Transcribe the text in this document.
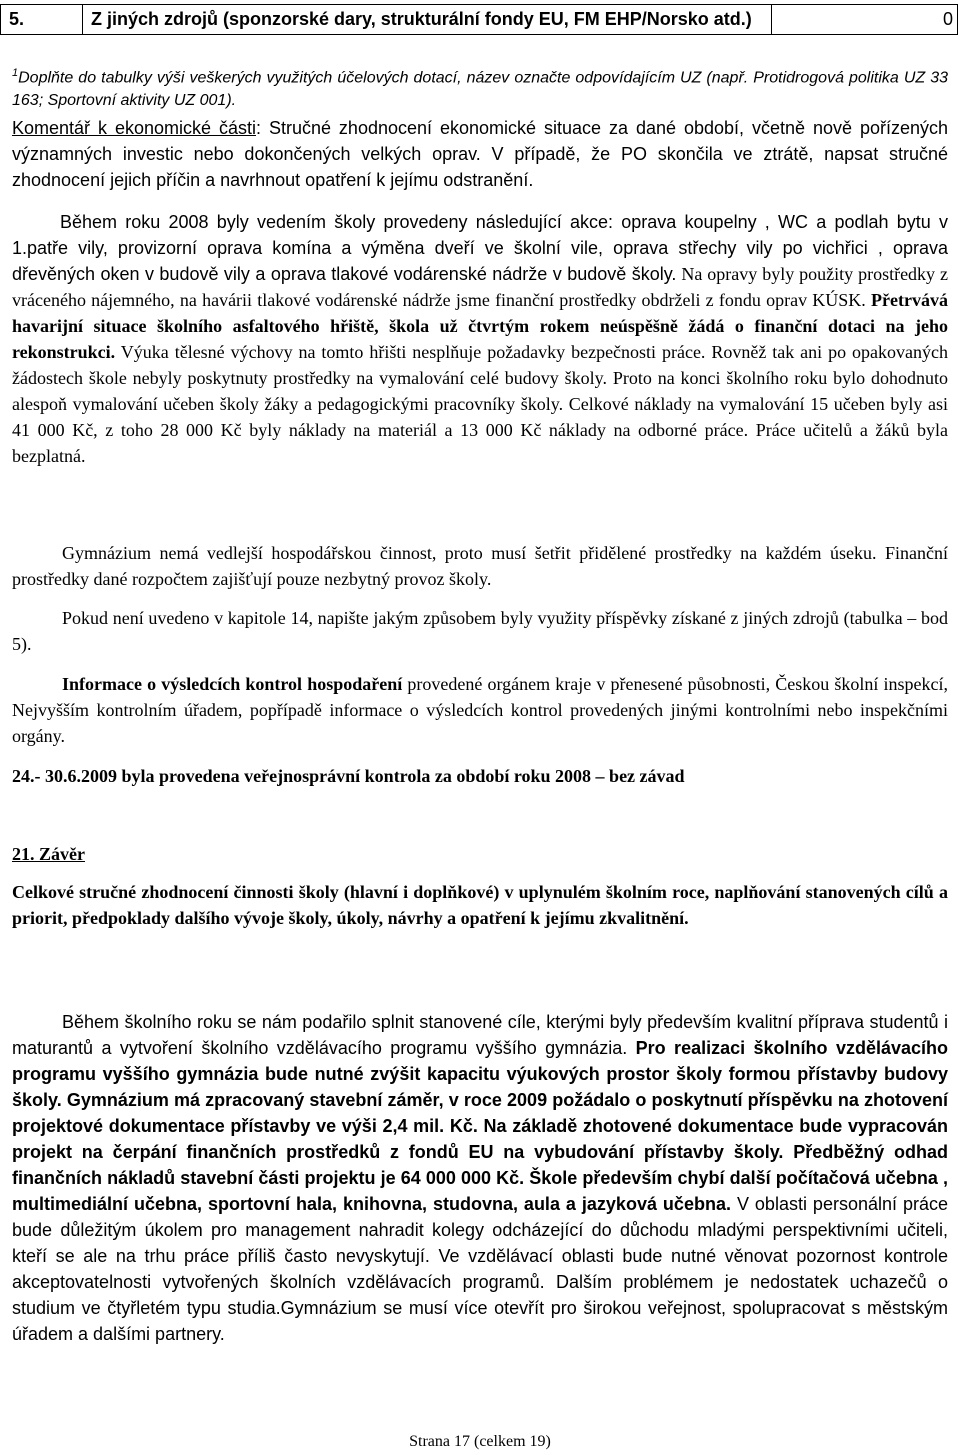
5.	Z jiných zdrojů (sponzorské dary, strukturální fondy EU, FM EHP/Norsko atd.)	0
$^1$Doplňte do tabulky výši veškerých využitých účelových dotací, název označte odpovídajícím UZ (např. Protidrogová politika UZ 33 163; Sportovní aktivity UZ 001).
Komentář k ekonomické části: Stručné zhodnocení ekonomické situace za dané období, včetně nově pořízených významných investic nebo dokončených velkých oprav. V případě, že PO skončila ve ztrátě, napsat stručné zhodnocení jejich příčin a navrhnout opatření k jejímu odstranění.
Během roku 2008 byly vedením školy provedeny následující akce: oprava koupelny , WC a podlah bytu v 1.patře vily, provizorní oprava komína a výměna dveří ve školní vile, oprava střechy vily po vichřici , oprava dřevěných oken v budově vily a oprava tlakové vodárenské nádrže v budově školy. Na opravy byly použity prostředky z vráceného nájemného, na havárii tlakové vodárenské nádrže jsme finanční prostředky obdrželi z fondu oprav KÚSK. Přetrvává havarijní situace školního asfaltového hřiště, škola už čtvrtým rokem neúspěšně žádá o finanční dotaci na jeho rekonstrukci. Výuka tělesné výchovy na tomto hřišti nesplňuje požadavky bezpečnosti práce. Rovněž tak ani po opakovaných žádostech škole nebyly poskytnuty prostředky na vymalování celé budovy školy. Proto na konci školního roku bylo dohodnuto alespoň vymalování učeben školy žáky a pedagogickými pracovníky školy. Celkové náklady na vymalování 15 učeben byly asi 41 000 Kč, z toho 28 000 Kč byly náklady na materiál a 13 000 Kč náklady na odborné práce. Práce učitelů a žáků byla bezplatná.
Gymnázium nemá vedlejší hospodářskou činnost, proto musí šetřit přidělené prostředky na každém úseku. Finanční prostředky dané rozpočtem zajišťují pouze nezbytný provoz školy.
Pokud není uvedeno v kapitole 14, napište jakým způsobem byly využity příspěvky získané z jiných zdrojů (tabulka – bod 5).
Informace o výsledcích kontrol hospodaření provedené orgánem kraje v přenesené působnosti, Českou školní inspekcí, Nejvyšším kontrolním úřadem, popřípadě informace o výsledcích kontrol provedených jinými kontrolními nebo inspekčními orgány.
24.- 30.6.2009 byla provedena veřejnosprávní kontrola za období roku 2008 – bez závad
21. Závěr
Celkové stručné zhodnocení činnosti školy (hlavní i doplňkové) v uplynulém školním roce, naplňování stanovených cílů a priorit, předpoklady dalšího vývoje školy, úkoly, návrhy a opatření k jejímu zkvalitnění.
Během školního roku se nám podařilo splnit stanovené cíle, kterými byly především kvalitní příprava studentů i maturantů a vytvoření školního vzdělávacího programu vyššího gymnázia. Pro realizaci školního vzdělávacího programu vyššího gymnázia bude nutné zvýšit kapacitu výukových prostor školy formou přístavby budovy školy. Gymnázium má zpracovaný stavební záměr, v roce 2009 požádalo o poskytnutí příspěvku na zhotovení projektové dokumentace přístavby ve výši 2,4 mil. Kč. Na základě zhotovené dokumentace bude vypracován projekt na čerpání finančních prostředků z fondů EU na vybudování přístavby školy. Předběžný odhad finančních nákladů stavební části projektu je 64 000 000 Kč. Škole především chybí další počítačová učebna , multimediální učebna, sportovní hala, knihovna, studovna, aula a jazyková učebna. V oblasti personální práce bude důležitým úkolem pro management nahradit kolegy odcházející do důchodu mladými perspektivními učiteli, kteří se ale na trhu práce příliš často nevyskytují. Ve vzdělávací oblasti bude nutné věnovat pozornost kontrole akceptovatelnosti vytvořených školních vzdělávacích programů. Dalším problémem je nedostatek uchazečů o studium ve čtyřletém typu studia.Gymnázium se musí více otevřít pro širokou veřejnost, spolupracovat s městským úřadem a dalšími partnery.
Strana 17 (celkem 19)
